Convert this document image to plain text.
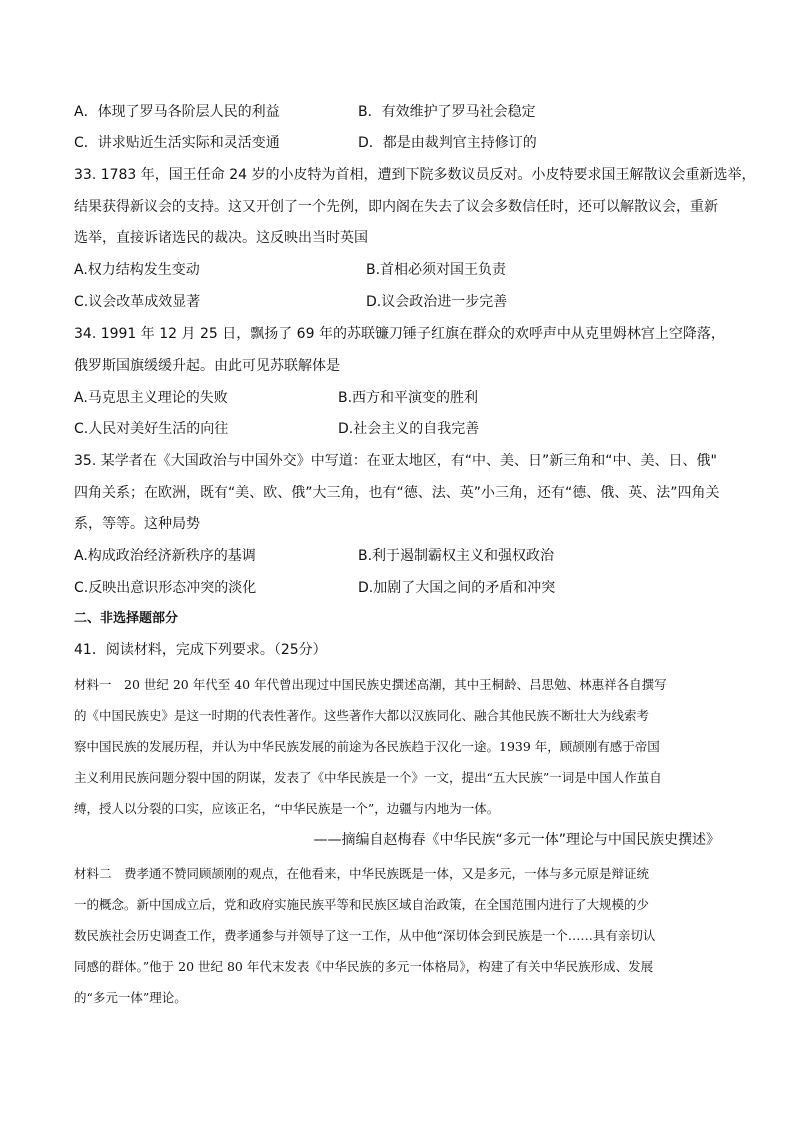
A．体现了罗马各阶层人民的利益	B．有效维护了罗马社会稳定
C．讲求贴近生活实际和灵活变通	D．都是由裁判官主持修订的
33. 1783 年，国王任命 24 岁的小皮特为首相，遭到下院多数议员反对。小皮特要求国王解散议会重新选举，
结果获得新议会的支持。这又开创了一个先例，即内阁在失去了议会多数信任时，还可以解散议会，重新
选举，直接诉诸选民的裁决。这反映出当时英国
A.权力结构发生变动	B.首相必须对国王负责
C.议会改革成效显著	D.议会政治进一步完善
34. 1991 年 12 月 25 日，飘扬了 69 年的苏联镰刀锤子红旗在群众的欢呼声中从克里姆林宫上空降落，
俄罗斯国旗缓缓升起。由此可见苏联解体是
A.马克思主义理论的失败	B.西方和平演变的胜利
C.人民对美好生活的向往	D.社会主义的自我完善
35. 某学者在《大国政治与中国外交》中写道：在亚太地区，有“中、美、日”新三角和“中、美、日、俄"
四角关系；在欧洲，既有“美、欧、俄”大三角，也有“德、法、英”小三角，还有“德、俄、英、法”四角关
系，等等。这种局势
A.构成政治经济新秩序的基调	B.利于遏制霸权主义和强权政治
C.反映出意识形态冲突的淡化	D.加剧了大国之间的矛盾和冲突
二、非选择题部分
41．阅读材料，完成下列要求。（25分）
材料一　20 世纪 20 年代至 40 年代曾出现过中国民族史撰述高潮，其中王桐龄、吕思勉、林惠祥各自撰写
的《中国民族史》是这一时期的代表性著作。这些著作大都以汉族同化、融合其他民族不断壮大为线索考
察中国民族的发展历程，并认为中华民族发展的前途为各民族趋于汉化一途。1939 年，顾颉刚有感于帝国
主义利用民族问题分裂中国的阴谋，发表了《中华民族是一个》一文，提出“五大民族”一词是中国人作茧自
缚，授人以分裂的口实，应该正名，“中华民族是一个”，边疆与内地为一体。
——摘编自赵梅春《中华民族“多元一体”理论与中国民族史撰述》
材料二　费孝通不赞同顾颉刚的观点，在他看来，中华民族既是一体，又是多元，一体与多元原是辩证统
一的概念。新中国成立后，党和政府实施民族平等和民族区域自治政策，在全国范围内进行了大规模的少
数民族社会历史调查工作，费孝通参与并领导了这一工作，从中他“深切体会到民族是一个……具有亲切认
同感的群体。”他于 20 世纪 80 年代末发表《中华民族的多元一体格局》，构建了有关中华民族形成、发展
的“多元一体”理论。
